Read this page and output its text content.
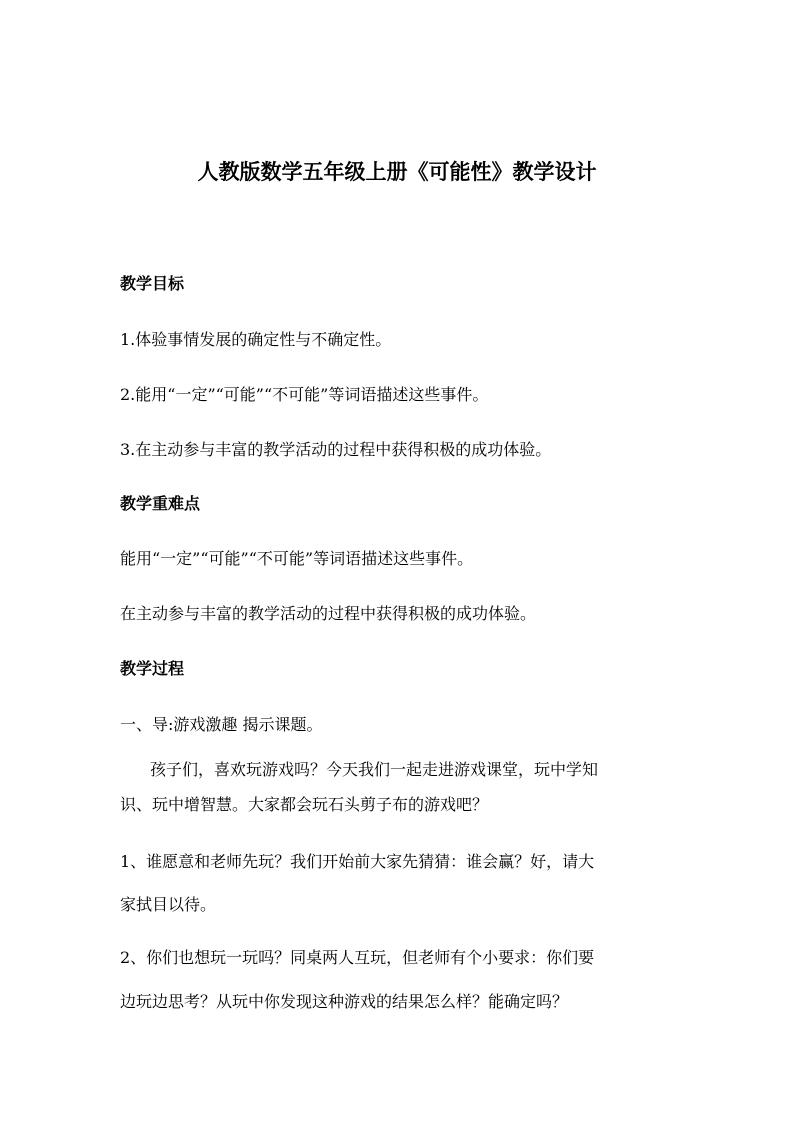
人教版数学五年级上册《可能性》教学设计
教学目标
1.体验事情发展的确定性与不确定性。
2.能用“一定”“可能”“不可能”等词语描述这些事件。
3.在主动参与丰富的教学活动的过程中获得积极的成功体验。
教学重难点
能用“一定”“可能”“不可能”等词语描述这些事件。
在主动参与丰富的教学活动的过程中获得积极的成功体验。
教学过程
一、导:游戏激趣 揭示课题。
孩子们，喜欢玩游戏吗？今天我们一起走进游戏课堂，玩中学知
识、玩中增智慧。大家都会玩石头剪子布的游戏吧？
1、谁愿意和老师先玩？我们开始前大家先猜猜：谁会赢？好，请大
家拭目以待。
2、你们也想玩一玩吗？同桌两人互玩，但老师有个小要求：你们要
边玩边思考？从玩中你发现这种游戏的结果怎么样？能确定吗？
